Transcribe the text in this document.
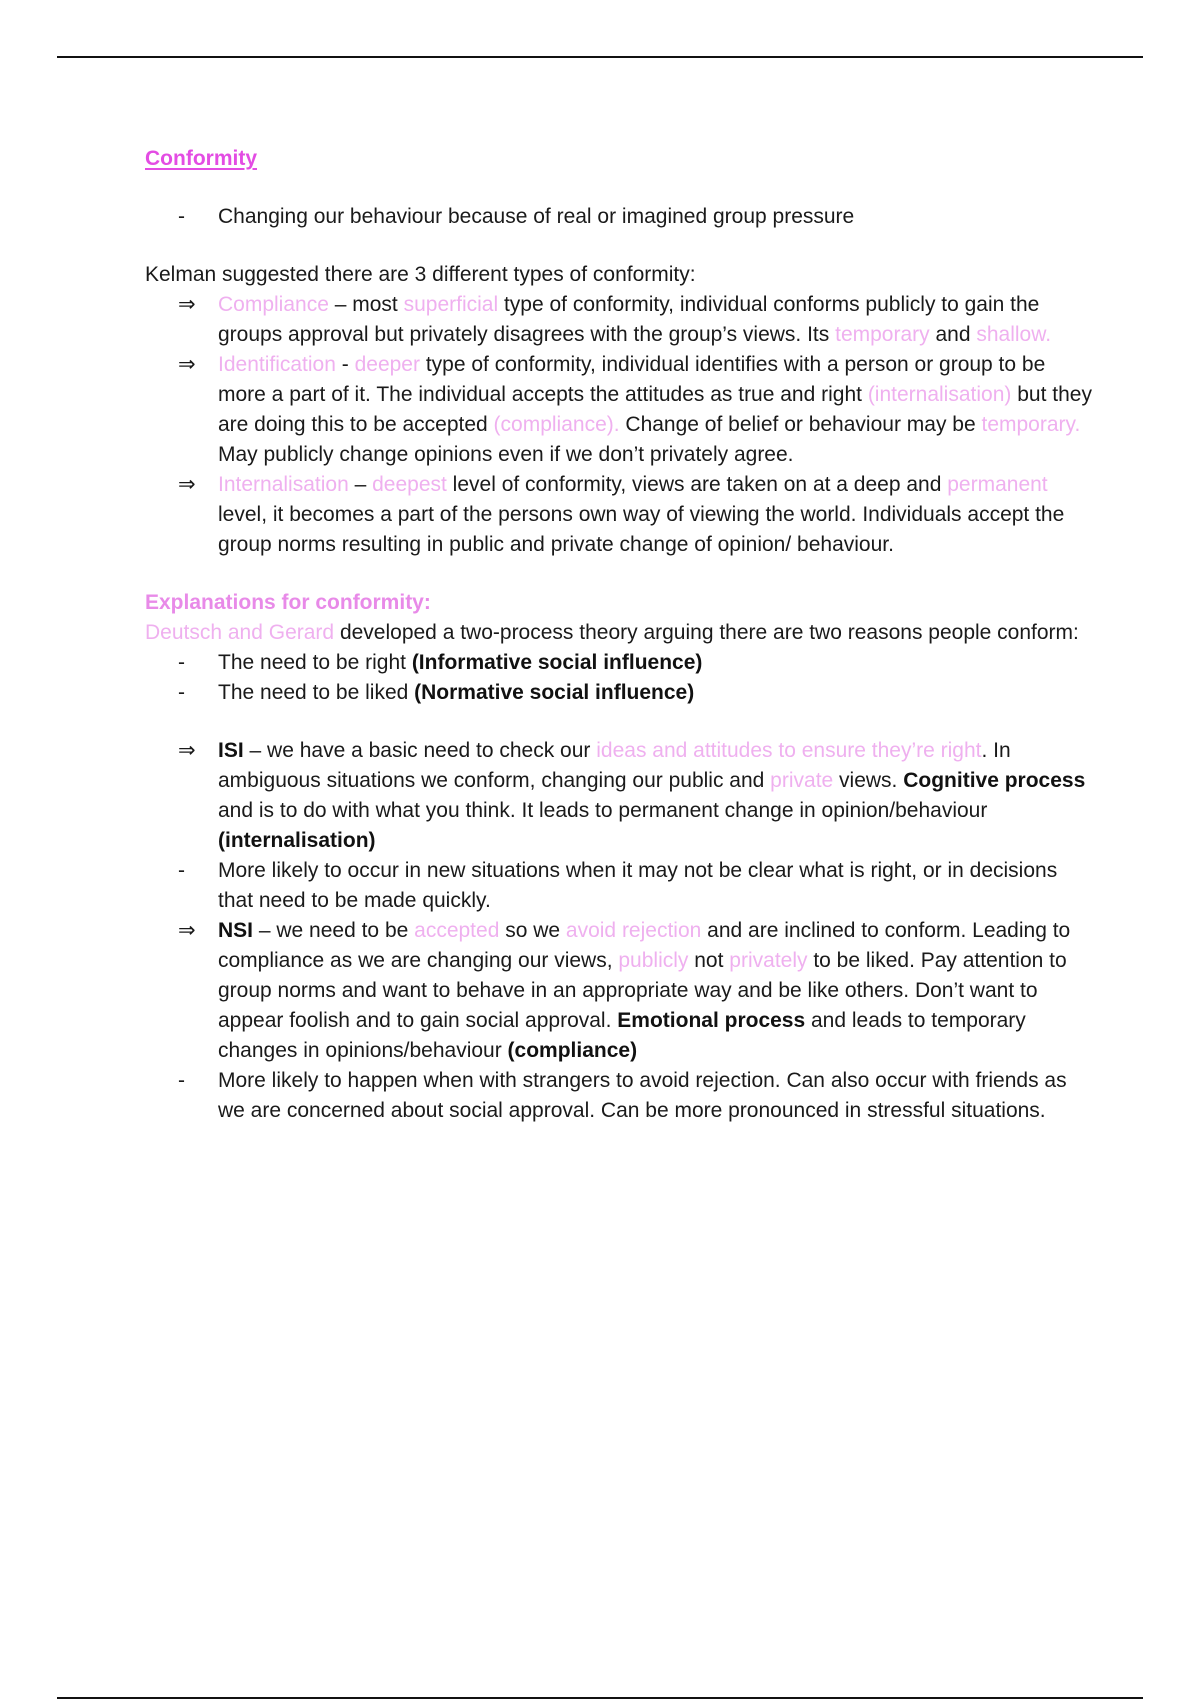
Conformity
-	Changing our behaviour because of real or imagined group pressure

Kelman suggested there are 3 different types of conformity:

⇒	Compliance – most superficial type of conformity, individual conforms publicly to gain the groups approval but privately disagrees with the group’s views. Its temporary and shallow.
⇒	Identification - deeper type of conformity, individual identifies with a person or group to be more a part of it. The individual accepts the attitudes as true and right (internalisation) but they are doing this to be accepted (compliance). Change of belief or behaviour may be temporary. May publicly change opinions even if we don’t privately agree.
⇒	Internalisation – deepest level of conformity, views are taken on at a deep and permanent level, it becomes a part of the persons own way of viewing the world. Individuals accept the group norms resulting in public and private change of opinion/ behaviour.
Explanations for conformity:

Deutsch and Gerard developed a two-process theory arguing there are two reasons people conform:

-	The need to be right (Informative social influence)
-	The need to be liked (Normative social influence)
⇒	ISI – we have a basic need to check our ideas and attitudes to ensure they’re right. In ambiguous situations we conform, changing our public and private views. Cognitive process and is to do with what you think. It leads to permanent change in opinion/behaviour (internalisation)
-	More likely to occur in new situations when it may not be clear what is right, or in decisions that need to be made quickly.
⇒	NSI – we need to be accepted so we avoid rejection and are inclined to conform. Leading to compliance as we are changing our views, publicly not privately to be liked. Pay attention to group norms and want to behave in an appropriate way and be like others. Don’t want to appear foolish and to gain social approval. Emotional process and leads to temporary changes in opinions/behaviour (compliance)
-	More likely to happen when with strangers to avoid rejection. Can also occur with friends as we are concerned about social approval. Can be more pronounced in stressful situations.
